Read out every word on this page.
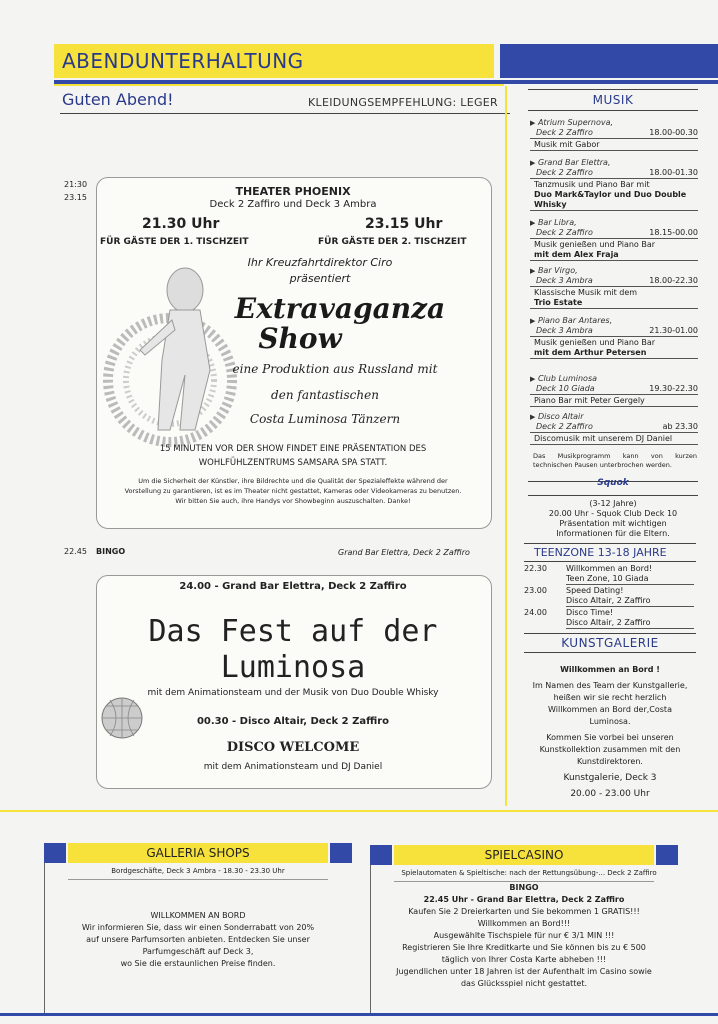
ABENDUNTERHALTUNG
Guten Abend!	KLEIDUNGSEMPFEHLUNG: LEGER
21:30
23.15	THEATER PHOENIX
Deck 2 Zaffiro und Deck 3 Ambra
21.30 Uhr
FÜR GÄSTE DER 1. TISCHZEIT
23.15 Uhr
FÜR GÄSTE DER 2. TISCHZEIT
Ihr Kreuzfahrtdirektor Ciro
präsentiert
Extravaganza
Show
eine Produktion aus Russland mit
den fantastischen
Costa Luminosa Tänzern
15 MINUTEN VOR DER SHOW FINDET EINE PRÄSENTATION DES
WOHLFÜHLZENTRUMS SAMSARA SPA STATT.
Um die Sicherheit der Künstler, ihre Bildrechte und die Qualität der Spezialeffekte während der
Vorstellung zu garantieren, ist es im Theater nicht gestattet, Kameras oder Videokameras zu benutzen.
Wir bitten Sie auch, ihre Handys vor Showbeginn auszuschalten. Danke!
22.45 BINGO	Grand Bar Elettra, Deck 2 Zaffiro
24.00 - Grand Bar Elettra, Deck 2 Zaffiro
Das Fest auf der
Luminosa
mit dem Animationsteam und der Musik von Duo Double Whisky
00.30 - Disco Altair, Deck 2 Zaffiro
DISCO WELCOME
mit dem Animationsteam und DJ Daniel
MUSIK
▶ Atrium Supernova,
Deck 2 Zaffiro	18.00-00.30
Musik mit Gabor
▶ Grand Bar Elettra,
Deck 2 Zaffiro	18.00-01.30
Tanzmusik und Piano Bar mit
Duo Mark&Taylor und Duo Double Whisky
▶ Bar Libra,
Deck 2 Zaffiro	18.15-00.00
Musik genießen und Piano Bar
mit dem Alex Fraja
▶ Bar Virgo,
Deck 3 Ambra	18.00-22.30
Klassische Musik mit dem
Trio Estate
▶ Piano Bar Antares,
Deck 3 Ambra	21.30-01.00
Musik genießen und Piano Bar
mit dem Arthur Petersen
▶ Club Luminosa
Deck 10 Giada	19.30-22.30
Piano Bar mit Peter Gergely
▶ Disco Altair
Deck 2 Zaffiro	ab 23.30
Discomusik mit unserem DJ Daniel
Das Musikprogramm kann von kurzen technischen Pausen unterbrochen werden.
Squok
(3-12 Jahre)
20.00 Uhr - Squok Club Deck 10
Präsentation mit wichtigen
Informationen für die Eltern.
TEENZONE 13-18 JAHRE
22.30 Willkommen an Bord!
Teen Zone, 10 Giada
23.00 Speed Dating!
Disco Altair, 2 Zaffiro
24.00 Disco Time!
Disco Altair, 2 Zaffiro
KUNSTGALERIE
Willkommen an Bord !
Im Namen des Team der Kunstgallerie,
heißen wir sie recht herzlich
Willkommen an Bord der,Costa
Luminosa.
Kommen Sie vorbei bei unseren
Kunstkollektion zusammen mit den
Kunstdirektoren.
Kunstgalerie, Deck 3
20.00 - 23.00 Uhr
GALLERIA SHOPS
Bordgeschäfte, Deck 3 Ambra - 18.30 - 23.30 Uhr
WILLKOMMEN AN BORD
Wir informieren Sie, dass wir einen Sonderrabatt von 20%
auf unsere Parfumsorten anbieten. Entdecken Sie unser
Parfumgeschäft auf Deck 3,
wo Sie die erstaunlichen Preise finden.
SPIELCASINO
Spielautomaten & Spieltische: nach der Rettungsübung-... Deck 2 Zaffiro
BINGO
22.45 Uhr - Grand Bar Elettra, Deck 2 Zaffiro
Kaufen Sie 2 Dreierkarten und Sie bekommen 1 GRATIS!!!
Willkommen an Bord!!!
Ausgewählte Tischspiele für nur € 3/1 MIN !!!
Registrieren Sie Ihre Kreditkarte und Sie können bis zu € 500
täglich von Ihrer Costa Karte abheben !!!
Jugendlichen unter 18 Jahren ist der Aufenthalt im Casino sowie
das Glücksspiel nicht gestattet.
